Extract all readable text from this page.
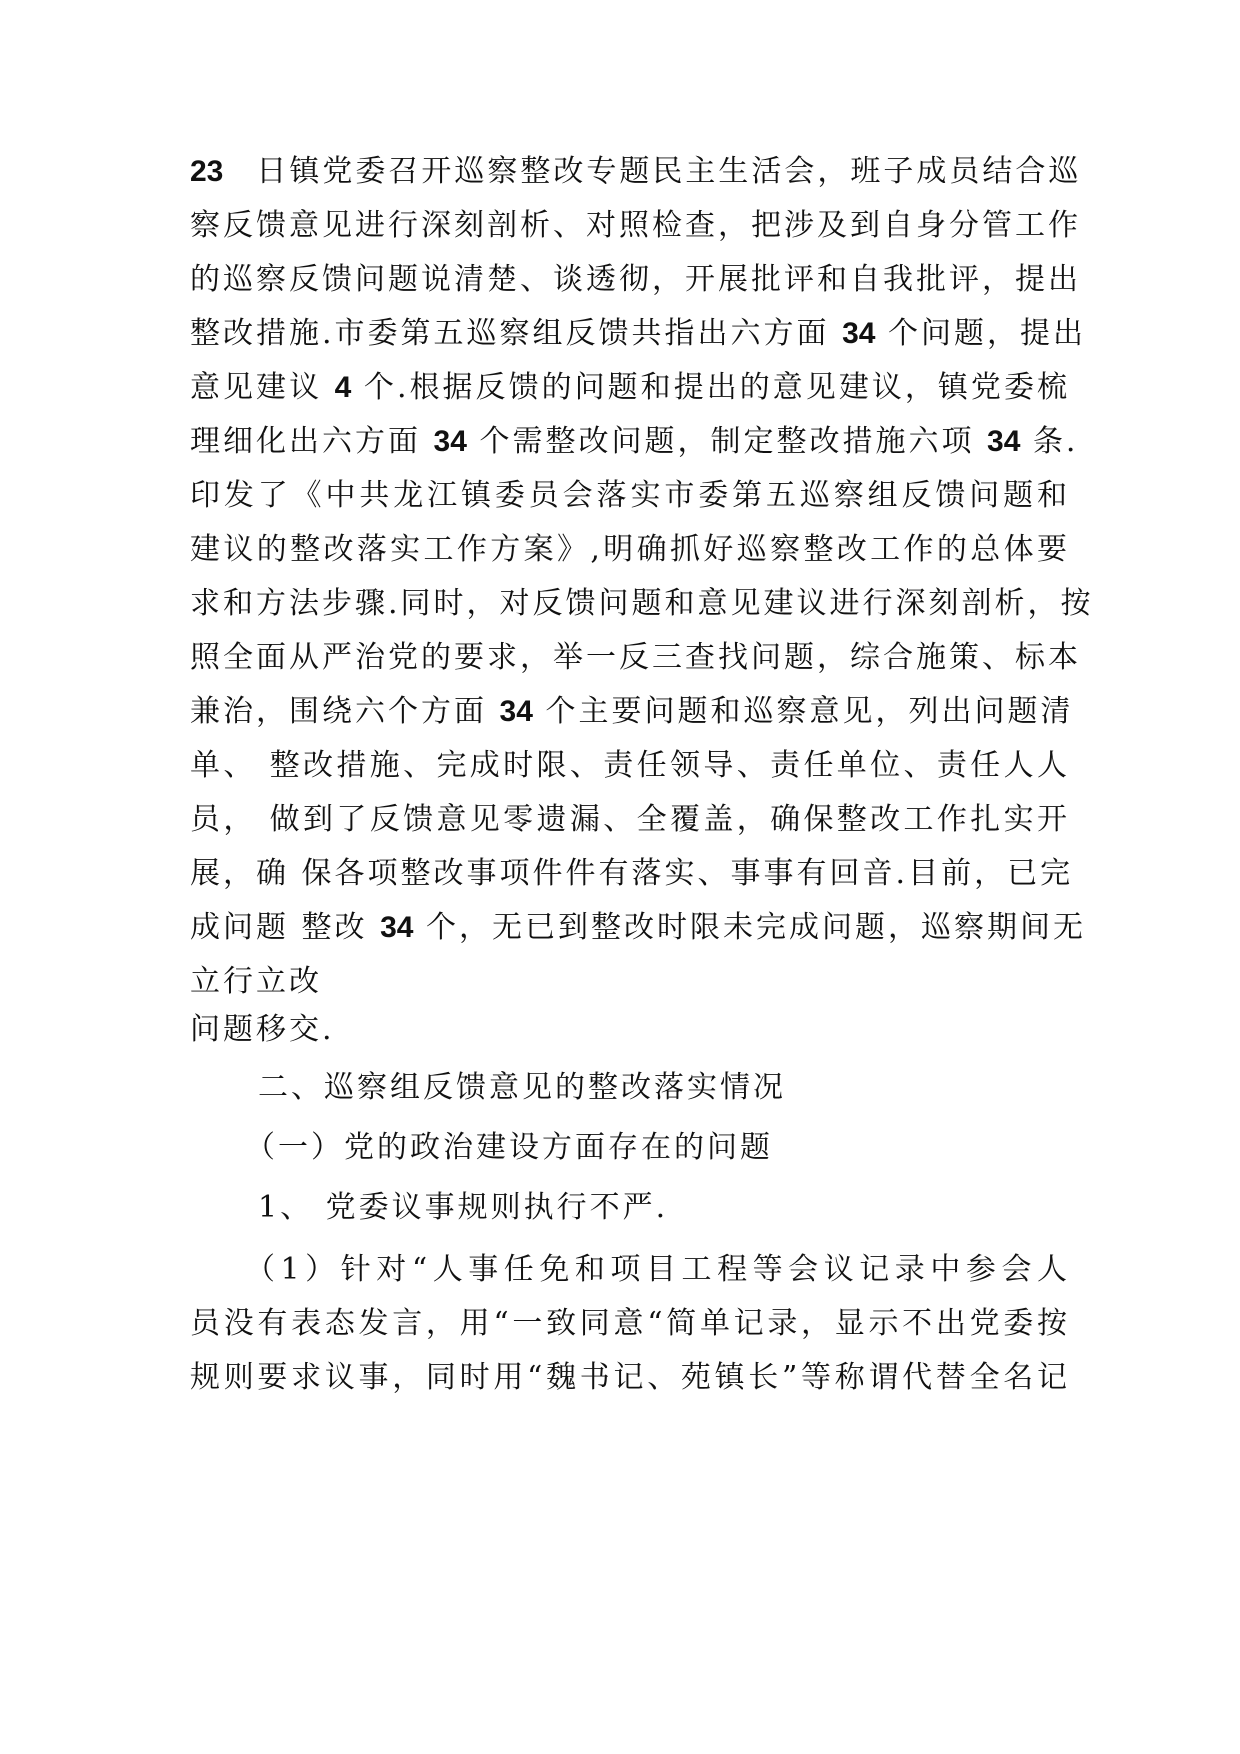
23　日镇党委召开巡察整改专题民主生活会，班子成员结合巡
察反馈意见进行深刻剖析、对照检查，把涉及到自身分管工作
的巡察反馈问题说清楚、谈透彻，开展批评和自我批评，提出
整改措施.市委第五巡察组反馈共指出六方面 34 个问题，提出
意见建议 4 个.根据反馈的问题和提出的意见建议，镇党委梳
理细化出六方面 34 个需整改问题，制定整改措施六项 34 条.
印发了《中共龙江镇委员会落实市委第五巡察组反馈问题和
建议的整改落实工作方案》,明确抓好巡察整改工作的总体要
求和方法步骤.同时，对反馈问题和意见建议进行深刻剖析，按
照全面从严治党的要求，举一反三查找问题，综合施策、标本
兼治，围绕六个方面 34 个主要问题和巡察意见，列出问题清
单、 整改措施、完成时限、责任领导、责任单位、责任人人
员， 做到了反馈意见零遗漏、全覆盖，确保整改工作扎实开
展，确 保各项整改事项件件有落实、事事有回音.目前，已完
成问题 整改 34 个，无已到整改时限未完成问题，巡察期间无
立行立改
问题移交.
二、巡察组反馈意见的整改落实情况
（一）党的政治建设方面存在的问题
1、 党委议事规则执行不严.
（1）针对“人事任免和项目工程等会议记录中参会人
员没有表态发言，用“一致同意“简单记录，显示不出党委按
规则要求议事，同时用“魏书记、苑镇长”等称谓代替全名记
